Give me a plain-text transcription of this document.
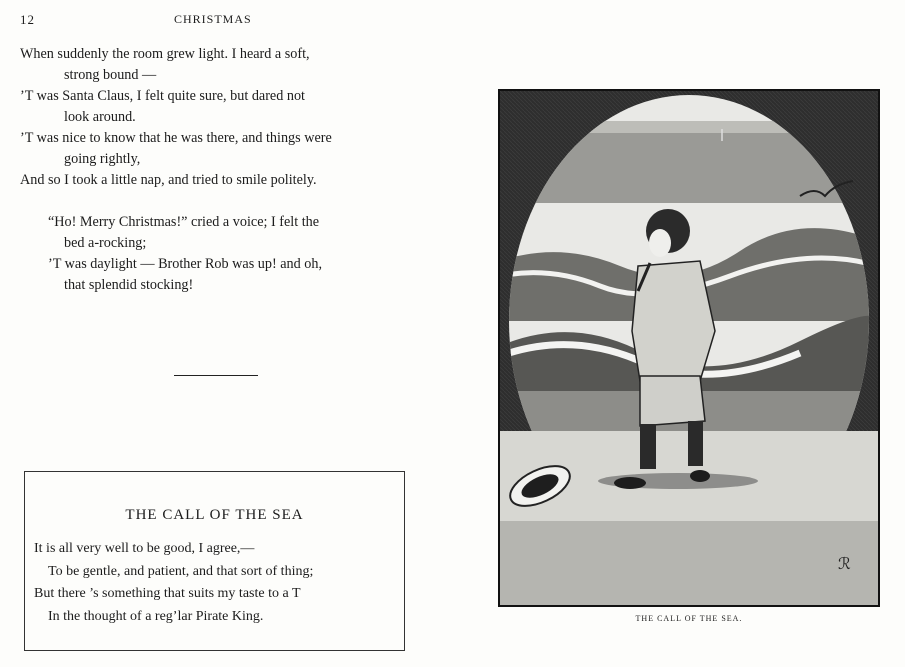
12	CHRISTMAS
When suddenly the room grew light. I heard a soft,
strong bound —
’T was Santa Claus, I felt quite sure, but dared not
look around.
’T was nice to know that he was there, and things were
going rightly,
And so I took a little nap, and tried to smile politely.
“Ho! Merry Christmas!” cried a voice; I felt the
bed a-rocking;
’T was daylight — Brother Rob was up! and oh,
that splendid stocking!
THE CALL OF THE SEA
It is all very well to be good, I agree,—
To be gentle, and patient, and that sort of thing;
But there ’s something that suits my taste to a T
In the thought of a reg’lar Pirate King.
ℛ
THE CALL OF THE SEA.
